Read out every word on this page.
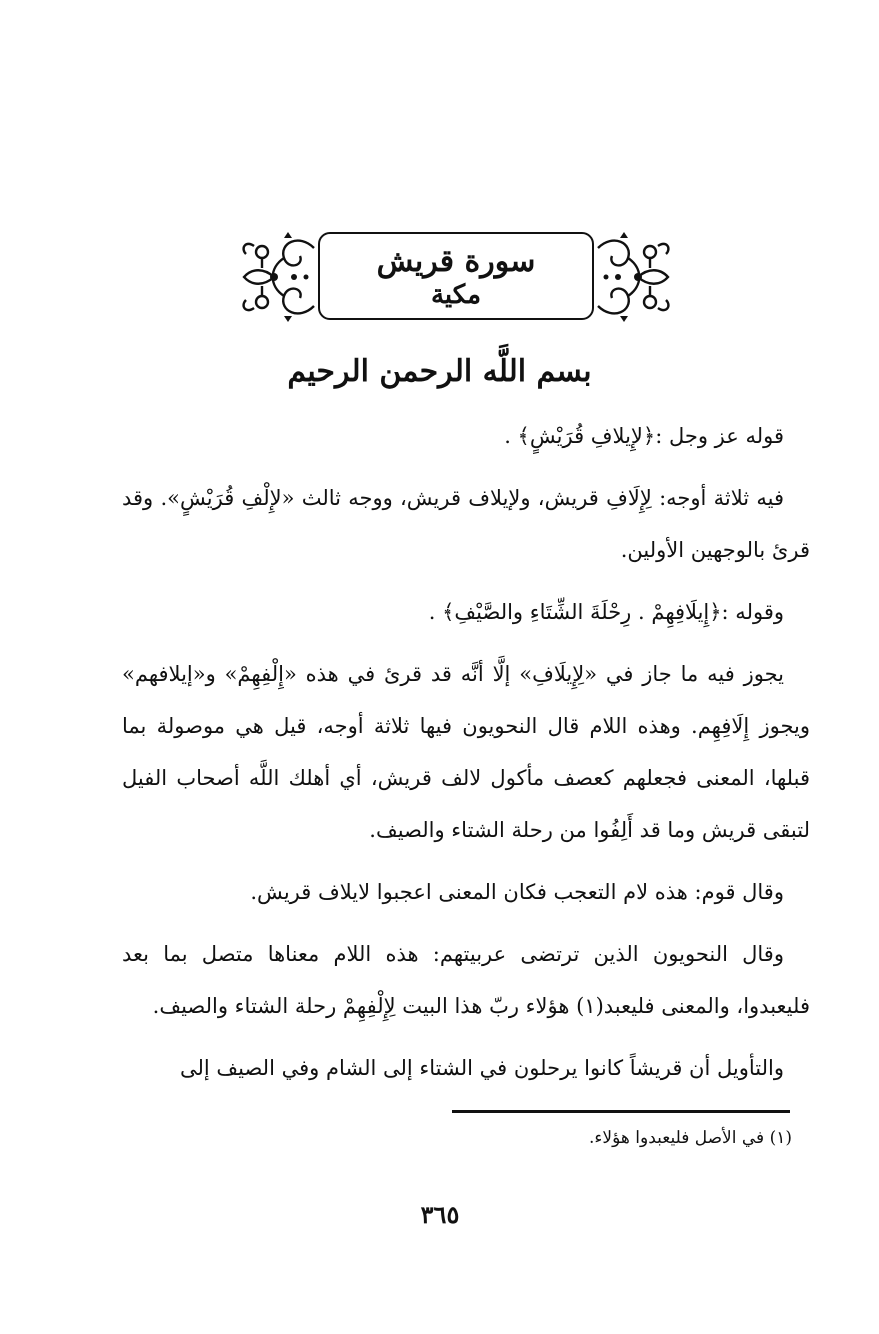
سورة قريش
مكية
بسم اللَّه الرحمن الرحيم

قوله عز وجل :﴿لإِيلافِ قُرَيْشٍ﴾ .

فيه ثلاثة أوجه: لِإِلَافِ قريش، ولإيلاف قريش، ووجه ثالث «لإِلْفِ قُرَيْشٍ». وقد قرئ بالوجهين الأولين.

وقوله :﴿إِيلَافِهِمْ . رِحْلَةَ الشِّتَاءِ والصَّيْفِ﴾ .

يجوز فيه ما جاز في «لِإِيلَافِ» إلَّا أنَّه قد قرئ في هذه «إِلْفِهِمْ» و«إيلافهم» ويجوز إِلَافِهِم. وهذه اللام قال النحويون فيها ثلاثة أوجه، قيل هي موصولة بما قبلها، المعنى فجعلهم كعصف مأكول لالف قريش، أي أهلك اللَّه أصحاب الفيل لتبقى قريش وما قد أَلِفُوا من رحلة الشتاء والصيف.

وقال قوم: هذه لام التعجب فكان المعنى اعجبوا لايلاف قريش.

وقال النحويون الذين ترتضى عربيتهم: هذه اللام معناها متصل بما بعد فليعبدوا، والمعنى فليعبد(١) هؤلاء ربّ هذا البيت لِإِلْفِهِمْ رحلة الشتاء والصيف.

والتأويل أن قريشاً كانوا يرحلون في الشتاء إلى الشام وفي الصيف إلى

(١) في الأصل فليعبدوا هؤلاء.
٣٦٥
